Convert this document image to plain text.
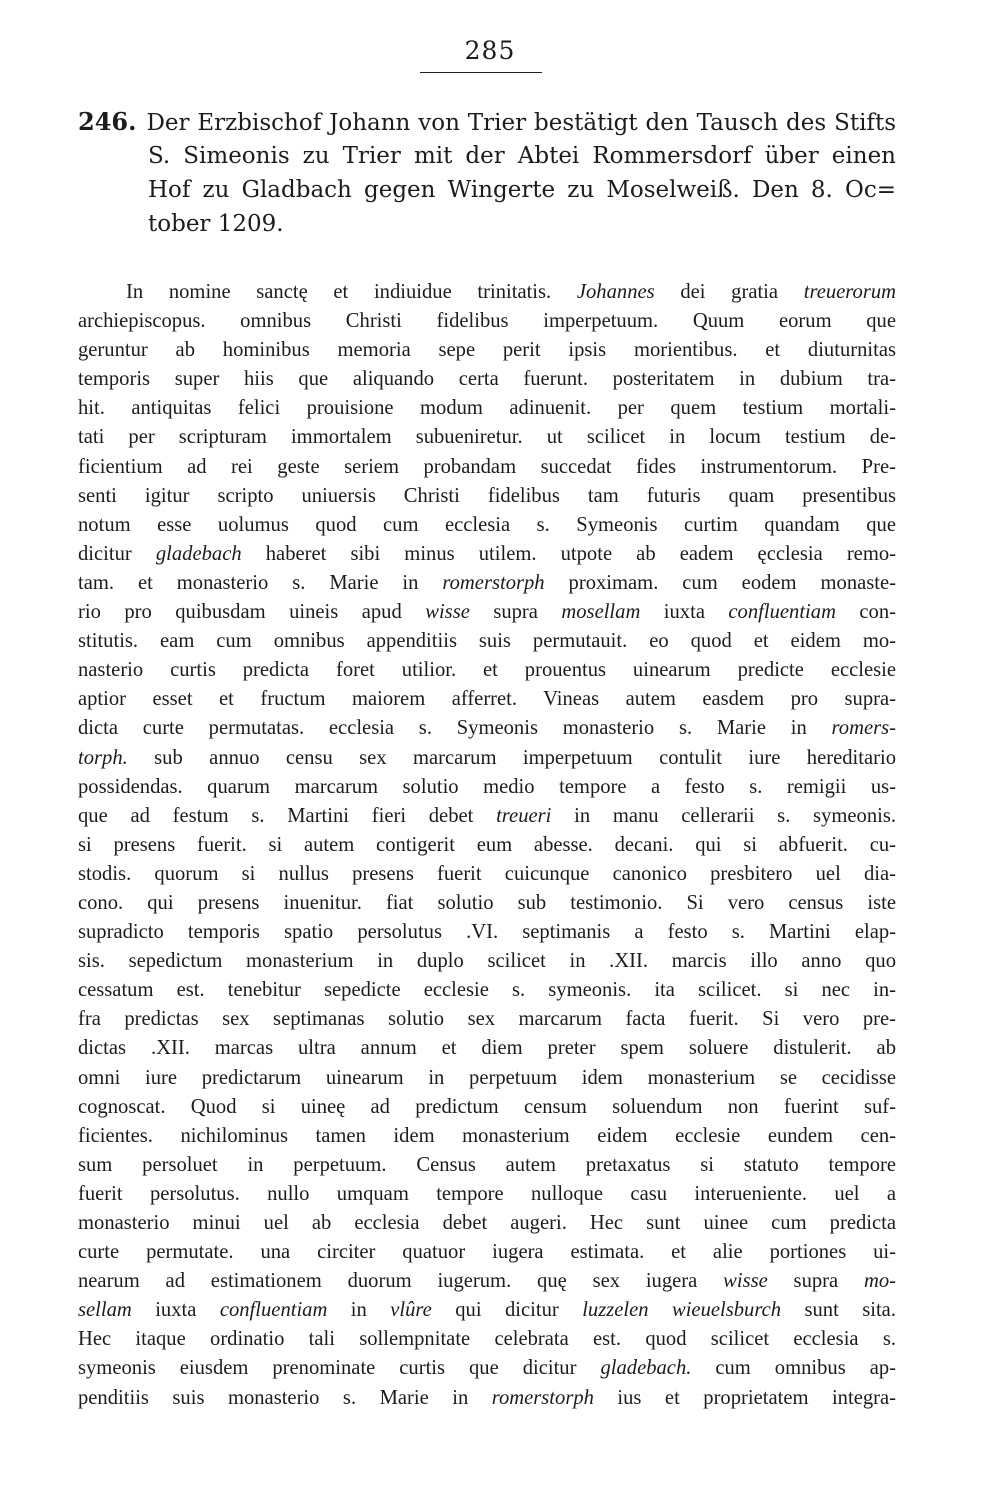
285
246. Der Erzbischof Johann von Trier bestätigt den Tausch des Stifts
S. Simeonis zu Trier mit der Abtei Rommersdorf über einen
Hof zu Gladbach gegen Wingerte zu Moselweiß. Den 8. Oc=
tober 1209.
In nomine sanctę et indiuidue trinitatis. Johannes dei gratia treuerorum
archiepiscopus. omnibus Christi fidelibus imperpetuum. Quum eorum que
geruntur ab hominibus memoria sepe perit ipsis morientibus. et diuturnitas
temporis super hiis que aliquando certa fuerunt. posteritatem in dubium tra-
hit. antiquitas felici prouisione modum adinuenit. per quem testium mortali-
tati per scripturam immortalem subueniretur. ut scilicet in locum testium de-
ficientium ad rei geste seriem probandam succedat fides instrumentorum. Pre-
senti igitur scripto uniuersis Christi fidelibus tam futuris quam presentibus
notum esse uolumus quod cum ecclesia s. Symeonis curtim quandam que
dicitur gladebach haberet sibi minus utilem. utpote ab eadem ęcclesia remo-
tam. et monasterio s. Marie in romerstorph proximam. cum eodem monaste-
rio pro quibusdam uineis apud wisse supra mosellam iuxta confluentiam con-
stitutis. eam cum omnibus appenditiis suis permutauit. eo quod et eidem mo-
nasterio curtis predicta foret utilior. et prouentus uinearum predicte ecclesie
aptior esset et fructum maiorem afferret. Vineas autem easdem pro supra-
dicta curte permutatas. ecclesia s. Symeonis monasterio s. Marie in romers-
torph. sub annuo censu sex marcarum imperpetuum contulit iure hereditario
possidendas. quarum marcarum solutio medio tempore a festo s. remigii us-
que ad festum s. Martini fieri debet treueri in manu cellerarii s. symeonis.
si presens fuerit. si autem contigerit eum abesse. decani. qui si abfuerit. cu-
stodis. quorum si nullus presens fuerit cuicunque canonico presbitero uel dia-
cono. qui presens inuenitur. fiat solutio sub testimonio. Si vero census iste
supradicto temporis spatio persolutus .VI. septimanis a festo s. Martini elap-
sis. sepedictum monasterium in duplo scilicet in .XII. marcis illo anno quo
cessatum est. tenebitur sepedicte ecclesie s. symeonis. ita scilicet. si nec in-
fra predictas sex septimanas solutio sex marcarum facta fuerit. Si vero pre-
dictas .XII. marcas ultra annum et diem preter spem soluere distulerit. ab
omni iure predictarum uinearum in perpetuum idem monasterium se cecidisse
cognoscat. Quod si uineę ad predictum censum soluendum non fuerint suf-
ficientes. nichilominus tamen idem monasterium eidem ecclesie eundem cen-
sum persoluet in perpetuum. Census autem pretaxatus si statuto tempore
fuerit persolutus. nullo umquam tempore nulloque casu interueniente. uel a
monasterio minui uel ab ecclesia debet augeri. Hec sunt uinee cum predicta
curte permutate. una circiter quatuor iugera estimata. et alie portiones ui-
nearum ad estimationem duorum iugerum. quę sex iugera wisse supra mo-
sellam iuxta confluentiam in vlûre qui dicitur luzzelen wieuelsburch sunt sita.
Hec itaque ordinatio tali sollempnitate celebrata est. quod scilicet ecclesia s.
symeonis eiusdem prenominate curtis que dicitur gladebach. cum omnibus ap-
penditiis suis monasterio s. Marie in romerstorph ius et proprietatem integra-
